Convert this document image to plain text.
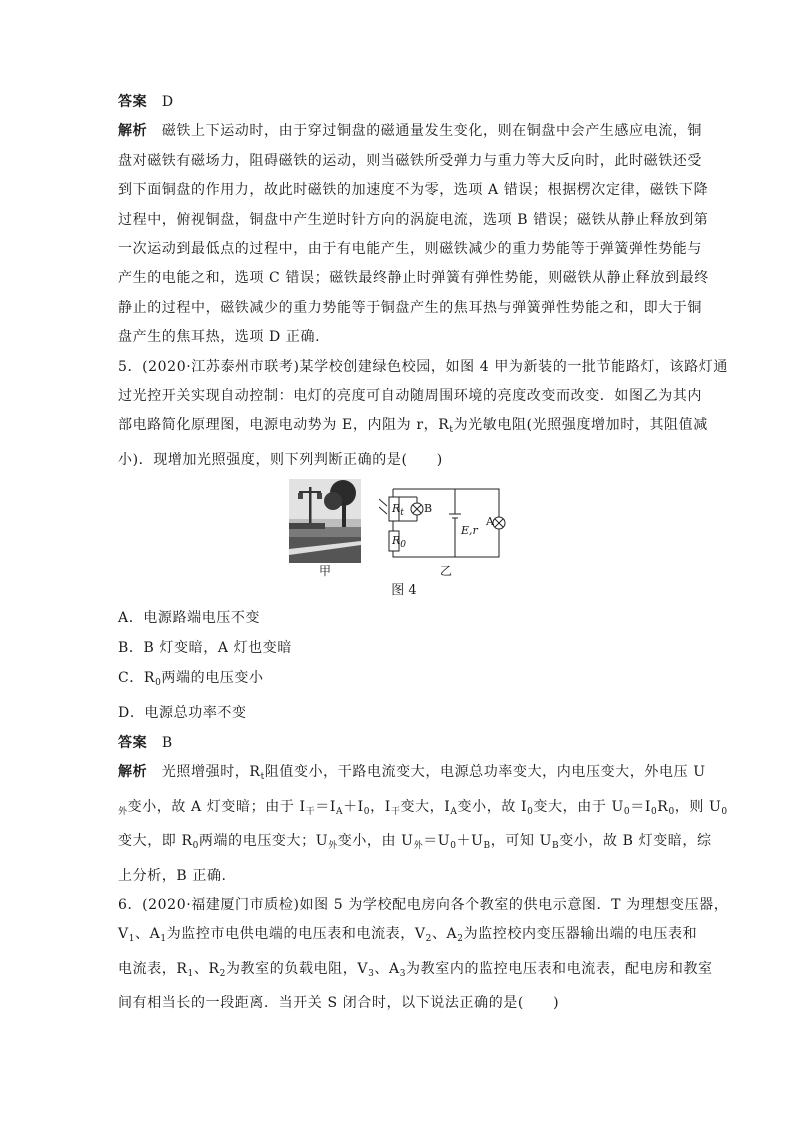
答案　 D
解析　 磁铁上下运动时，由于穿过铜盘的磁通量发生变化，则在铜盘中会产生感应电流，铜
盘对磁铁有磁场力，阻碍磁铁的运动，则当磁铁所受弹力与重力等大反向时，此时磁铁还受
到下面铜盘的作用力，故此时磁铁的加速度不为零，选项 A 错误；根据楞次定律，磁铁下降
过程中，俯视铜盘，铜盘中产生逆时针方向的涡旋电流，选项 B 错误；磁铁从静止释放到第
一次运动到最低点的过程中，由于有电能产生，则磁铁减少的重力势能等于弹簧弹性势能与
产生的电能之和，选项 C 错误；磁铁最终静止时弹簧有弹性势能，则磁铁从静止释放到最终
静止的过程中，磁铁减少的重力势能等于铜盘产生的焦耳热与弹簧弹性势能之和，即大于铜
盘产生的焦耳热，选项 D 正确.
5．(2020·江苏泰州市联考)某学校创建绿色校园，如图 4 甲为新装的一批节能路灯，该路灯通
过光控开关实现自动控制：电灯的亮度可自动随周围环境的亮度改变而改变．如图乙为其内
部电路简化原理图，电源电动势为 E，内阻为 r，$R_t$为光敏电阻(光照强度增加时，其阻值减
小)．现增加光照强度，则下列判断正确的是(　　)
甲
$R_t$ B
$R_0$
E,r
A
乙
图 4
A．电源路端电压不变
B．B 灯变暗，A 灯也变暗
C．$R_0$两端的电压变小
D．电源总功率不变
答案　 B
解析　 光照增强时，$R_t$阻值变小，干路电流变大，电源总功率变大，内电压变大，外电压 U
$_外$变小，故 A 灯变暗；由于 $I_干=I_A+I_0$，$I_干$变大，$I_A$变小，故 $I_0$变大，由于 $U_0=I_0R_0$，则 $U_0$
变大，即 $R_0$两端的电压变大；$U_外$变小，由 $U_外=U_0+U_B$，可知 $U_B$变小，故 B 灯变暗，综
上分析，B 正确.
6．(2020·福建厦门市质检)如图 5 为学校配电房向各个教室的供电示意图．T 为理想变压器，
$V_1$、$A_1$为监控市电供电端的电压表和电流表，$V_2$、$A_2$为监控校内变压器输出端的电压表和
电流表，$R_1$、$R_2$为教室的负载电阻，$V_3$、$A_3$为教室内的监控电压表和电流表，配电房和教室
间有相当长的一段距离．当开关 S 闭合时，以下说法正确的是(　　)
